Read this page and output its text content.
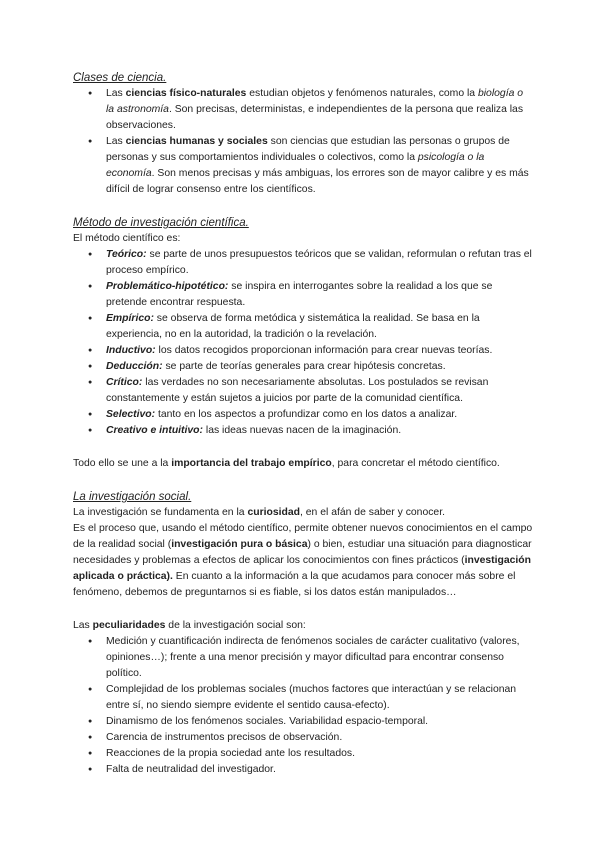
Clases de ciencia.

● Las ciencias físico-naturales estudian objetos y fenómenos naturales, como la biología o la astronomía. Son precisas, deterministas, e independientes de la persona que realiza las observaciones.
● Las ciencias humanas y sociales son ciencias que estudian las personas o grupos de personas y sus comportamientos individuales o colectivos, como la psicología o la economía. Son menos precisas y más ambiguas, los errores son de mayor calibre y es más difícil de lograr consenso entre los científicos.

Método de investigación científica.

El método científico es:

● Teórico: se parte de unos presupuestos teóricos que se validan, reformulan o refutan tras el proceso empírico.
● Problemático-hipotético: se inspira en interrogantes sobre la realidad a los que se pretende encontrar respuesta.
● Empírico: se observa de forma metódica y sistemática la realidad. Se basa en la experiencia, no en la autoridad, la tradición o la revelación.
● Inductivo: los datos recogidos proporcionan información para crear nuevas teorías.
● Deducción: se parte de teorías generales para crear hipótesis concretas.
● Crítico: las verdades no son necesariamente absolutas. Los postulados se revisan constantemente y están sujetos a juicios por parte de la comunidad científica.
● Selectivo: tanto en los aspectos a profundizar como en los datos a analizar.
● Creativo e intuitivo: las ideas nuevas nacen de la imaginación.

Todo ello se une a la importancia del trabajo empírico, para concretar el método científico.

La investigación social.

La investigación se fundamenta en la curiosidad, en el afán de saber y conocer.

Es el proceso que, usando el método científico, permite obtener nuevos conocimientos en el campo de la realidad social (investigación pura o básica) o bien, estudiar una situación para diagnosticar necesidades y problemas a efectos de aplicar los conocimientos con fines prácticos (investigación aplicada o práctica). En cuanto a la información a la que acudamos para conocer más sobre el fenómeno, debemos de preguntarnos si es fiable, si los datos están manipulados…

Las peculiaridades de la investigación social son:

● Medición y cuantificación indirecta de fenómenos sociales de carácter cualitativo (valores, opiniones…); frente a una menor precisión y mayor dificultad para encontrar consenso político.
● Complejidad de los problemas sociales (muchos factores que interactúan y se relacionan entre sí, no siendo siempre evidente el sentido causa-efecto).
● Dinamismo de los fenómenos sociales. Variabilidad espacio-temporal.
● Carencia de instrumentos precisos de observación.
● Reacciones de la propia sociedad ante los resultados.
● Falta de neutralidad del investigador.
